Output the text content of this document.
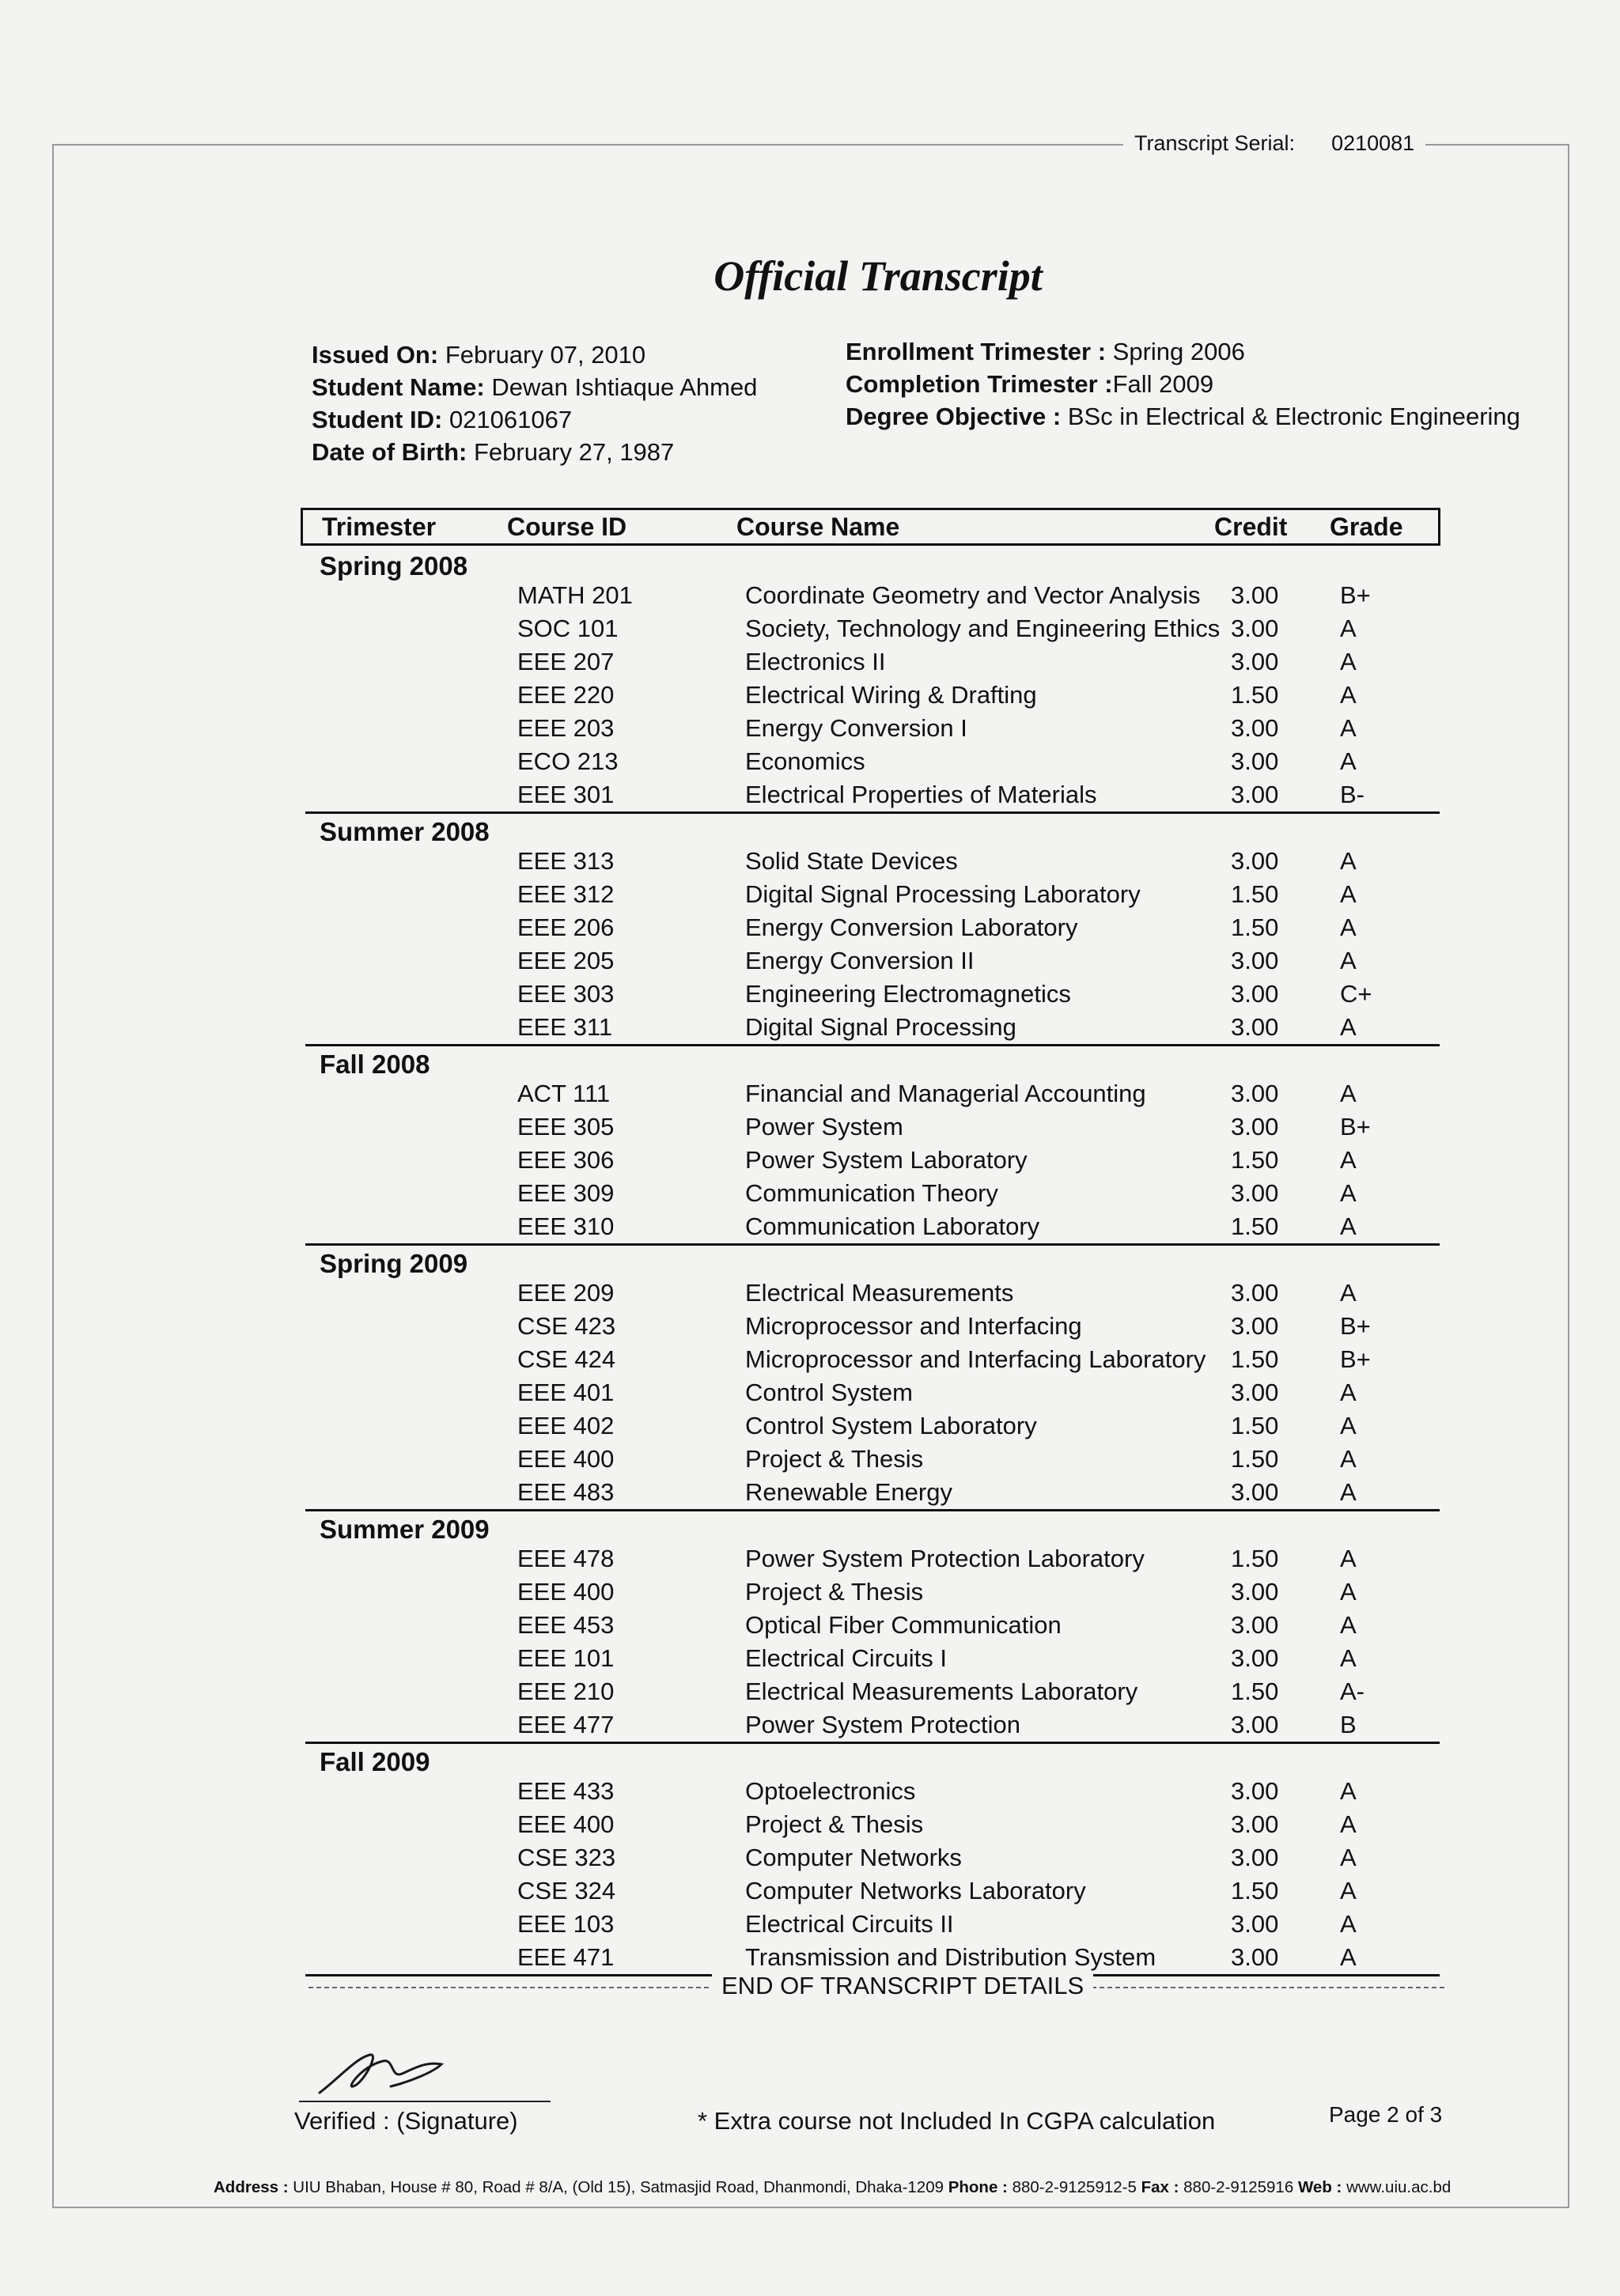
Transcript Serial: 0210081
Official Transcript
Issued On: February 07, 2010
Student Name: Dewan Ishtiaque Ahmed
Student ID: 021061067
Date of Birth: February 27, 1987
Enrollment Trimester : Spring 2006
Completion Trimester :Fall 2009
Degree Objective : BSc in Electrical & Electronic Engineering
Trimester	Course ID	Course Name	Credit Grade
Spring 2008
MATH 201	Coordinate Geometry and Vector Analysis 3.00	B+
SOC 101	Society, Technology and Engineering Ethics 3.00	A
EEE 207	Electronics II	3.00	A
EEE 220	Electrical Wiring & Drafting	1.50	A
EEE 203	Energy Conversion I	3.00	A
ECO 213	Economics	3.00	A
EEE 301	Electrical Properties of Materials	3.00	B-
Summer 2008
EEE 313	Solid State Devices	3.00	A
EEE 312	Digital Signal Processing Laboratory	1.50	A
EEE 206	Energy Conversion Laboratory	1.50	A
EEE 205	Energy Conversion II	3.00	A
EEE 303	Engineering Electromagnetics	3.00	C+
EEE 311	Digital Signal Processing	3.00	A
Fall 2008
ACT 111	Financial and Managerial Accounting	3.00	A
EEE 305	Power System	3.00	B+
EEE 306	Power System Laboratory	1.50	A
EEE 309	Communication Theory	3.00	A
EEE 310	Communication Laboratory	1.50	A
Spring 2009
EEE 209	Electrical Measurements	3.00	A
CSE 423	Microprocessor and Interfacing	3.00	B+
CSE 424	Microprocessor and Interfacing Laboratory 1.50	B+
EEE 401	Control System	3.00	A
EEE 402	Control System Laboratory	1.50	A
EEE 400	Project & Thesis	1.50	A
EEE 483	Renewable Energy	3.00	A
Summer 2009
EEE 478	Power System Protection Laboratory	1.50	A
EEE 400	Project & Thesis	3.00	A
EEE 453	Optical Fiber Communication	3.00	A
EEE 101	Electrical Circuits I	3.00	A
EEE 210	Electrical Measurements Laboratory	1.50	A-
EEE 477	Power System Protection	3.00	B
Fall 2009
EEE 433	Optoelectronics	3.00	A
EEE 400	Project & Thesis	3.00	A
CSE 323	Computer Networks	3.00	A
CSE 324	Computer Networks Laboratory	1.50	A
EEE 103	Electrical Circuits II	3.00	A
EEE 471	Transmission and Distribution System	3.00	A
END OF TRANSCRIPT DETAILS
Verified : (Signature)	* Extra course not Included In CGPA calculation	Page 2 of 3
Address : UIU Bhaban, House # 80, Road # 8/A, (Old 15), Satmasjid Road, Dhanmondi, Dhaka-1209 Phone : 880-2-9125912-5 Fax : 880-2-9125916 Web : www.uiu.ac.bd
